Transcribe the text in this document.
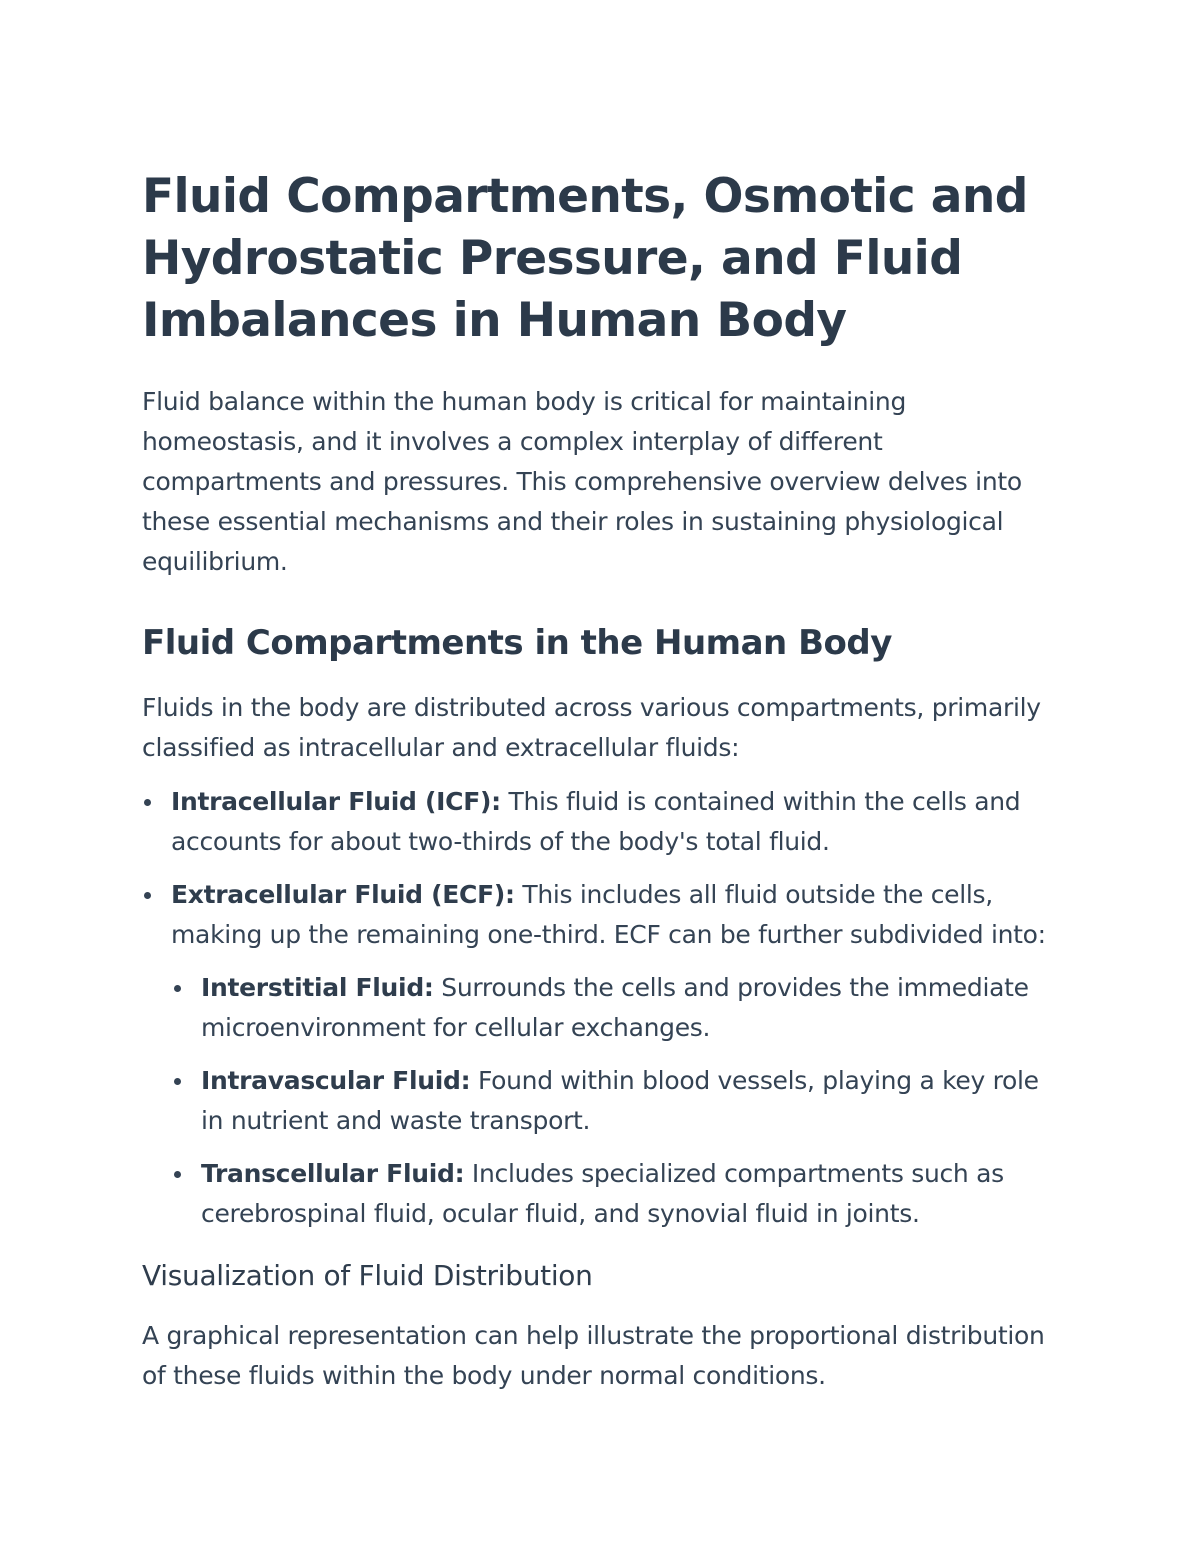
Fluid Compartments, Osmotic and Hydrostatic Pressure, and Fluid Imbalances in Human Body

Fluid balance within the human body is critical for maintaining homeostasis, and it involves a complex interplay of different compartments and pressures. This comprehensive overview delves into these essential mechanisms and their roles in sustaining physiological equilibrium.

Fluid Compartments in the Human Body

Fluids in the body are distributed across various compartments, primarily classified as intracellular and extracellular fluids:

Intracellular Fluid (ICF): This fluid is contained within the cells and accounts for about two-thirds of the body's total fluid.
Extracellular Fluid (ECF): This includes all fluid outside the cells, making up the remaining one-third. ECF can be further subdivided into:
Interstitial Fluid: Surrounds the cells and provides the immediate microenvironment for cellular exchanges.
Intravascular Fluid: Found within blood vessels, playing a key role in nutrient and waste transport.
Transcellular Fluid: Includes specialized compartments such as cerebrospinal fluid, ocular fluid, and synovial fluid in joints.
Visualization of Fluid Distribution

A graphical representation can help illustrate the proportional distribution of these fluids within the body under normal conditions.
